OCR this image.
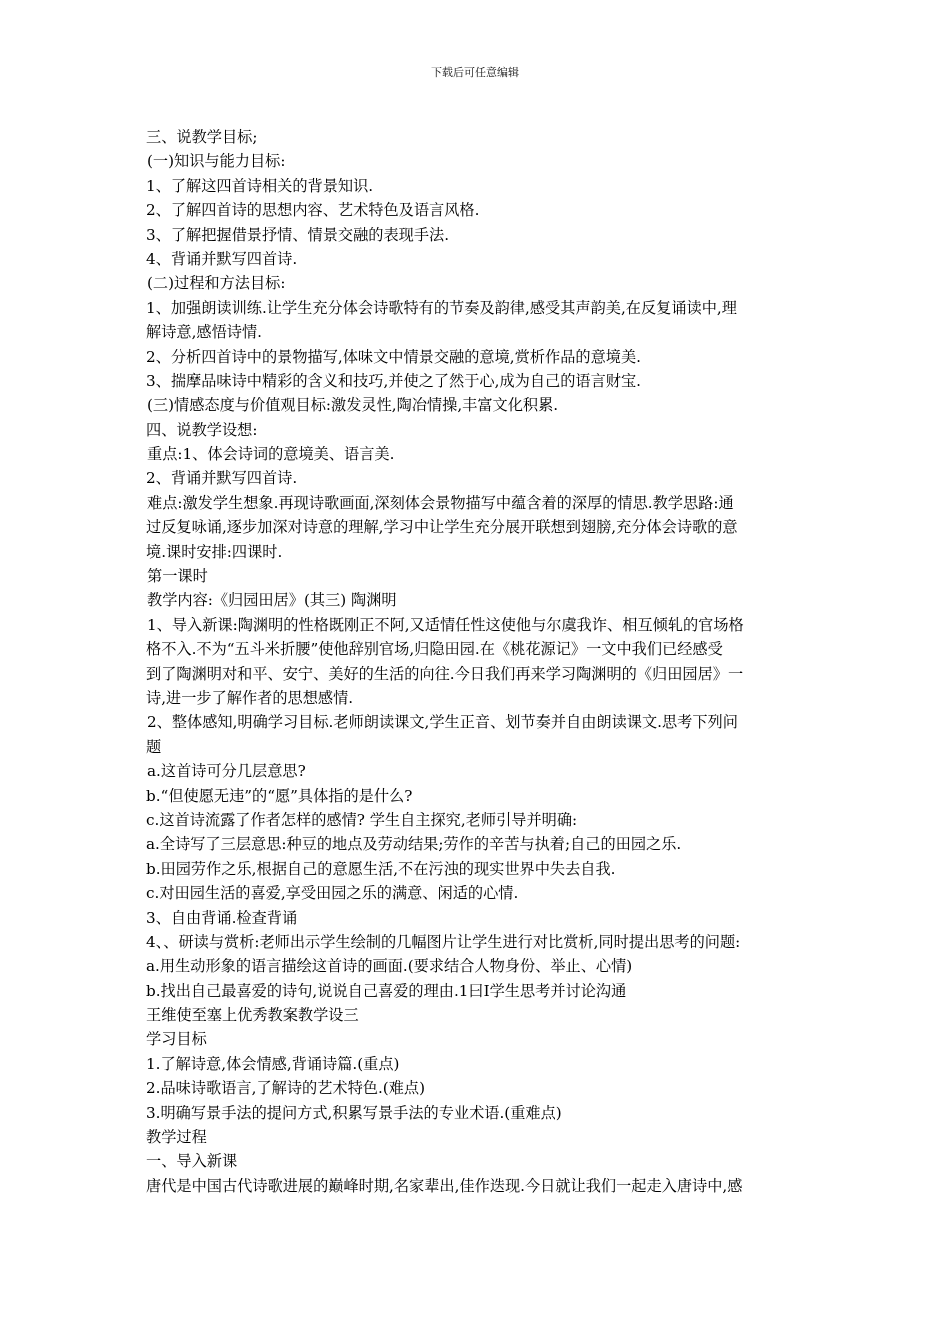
下载后可任意编辑
三、说教学目标;
(一)知识与能力目标:
1、了解这四首诗相关的背景知识.
2、了解四首诗的思想内容、艺术特色及语言风格.
3、了解把握借景抒情、情景交融的表现手法.
4、背诵并默写四首诗.
(二)过程和方法目标:
1、加强朗读训练.让学生充分体会诗歌特有的节奏及韵律,感受其声韵美,在反复诵读中,理
解诗意,感悟诗情.
2、分析四首诗中的景物描写,体味文中情景交融的意境,赏析作品的意境美.
3、揣摩品味诗中精彩的含义和技巧,并使之了然于心,成为自己的语言财宝.
(三)情感态度与价值观目标:激发灵性,陶冶情操,丰富文化积累.
四、说教学设想:
重点:1、体会诗词的意境美、语言美.
2、背诵并默写四首诗.
难点:激发学生想象.再现诗歌画面,深刻体会景物描写中蕴含着的深厚的情思.教学思路:通
过反复咏诵,逐步加深对诗意的理解,学习中让学生充分展开联想到翅膀,充分体会诗歌的意
境.课时安排:四课时.
第一课时
教学内容:《归园田居》(其三) 陶渊明
1、导入新课:陶渊明的性格既刚正不阿,又适情任性这使他与尔虞我诈、相互倾轧的官场格
格不入.不为“五斗米折腰”使他辞别官场,归隐田园.在《桃花源记》一文中我们已经感受
到了陶渊明对和平、安宁、美好的生活的向往.今日我们再来学习陶渊明的《归田园居》一
诗,进一步了解作者的思想感情.
2、整体感知,明确学习目标.老师朗读课文,学生正音、划节奏并自由朗读课文.思考下列问
题
a.这首诗可分几层意思?
b.“但使愿无违”的“愿”具体指的是什么?
c.这首诗流露了作者怎样的感情? 学生自主探究,老师引导并明确:
a.全诗写了三层意思:种豆的地点及劳动结果;劳作的辛苦与执着;自己的田园之乐.
b.田园劳作之乐,根据自己的意愿生活,不在污浊的现实世界中失去自我.
c.对田园生活的喜爱,享受田园之乐的满意、闲适的心情.
3、自由背诵.检查背诵
4、、研读与赏析:老师出示学生绘制的几幅图片让学生进行对比赏析,同时提出思考的问题:
a.用生动形象的语言描绘这首诗的画面.(要求结合人物身份、举止、心情)
b.找出自己最喜爱的诗句,说说自己喜爱的理由.1曰I学生思考并讨论沟通
王维使至塞上优秀教案教学设三
学习目标
1.了解诗意,体会情感,背诵诗篇.(重点)
2.品味诗歌语言,了解诗的艺术特色.(难点)
3.明确写景手法的提问方式,积累写景手法的专业术语.(重难点)
教学过程
一、导入新课
唐代是中国古代诗歌进展的巅峰时期,名家辈出,佳作迭现.今日就让我们一起走入唐诗中,感
